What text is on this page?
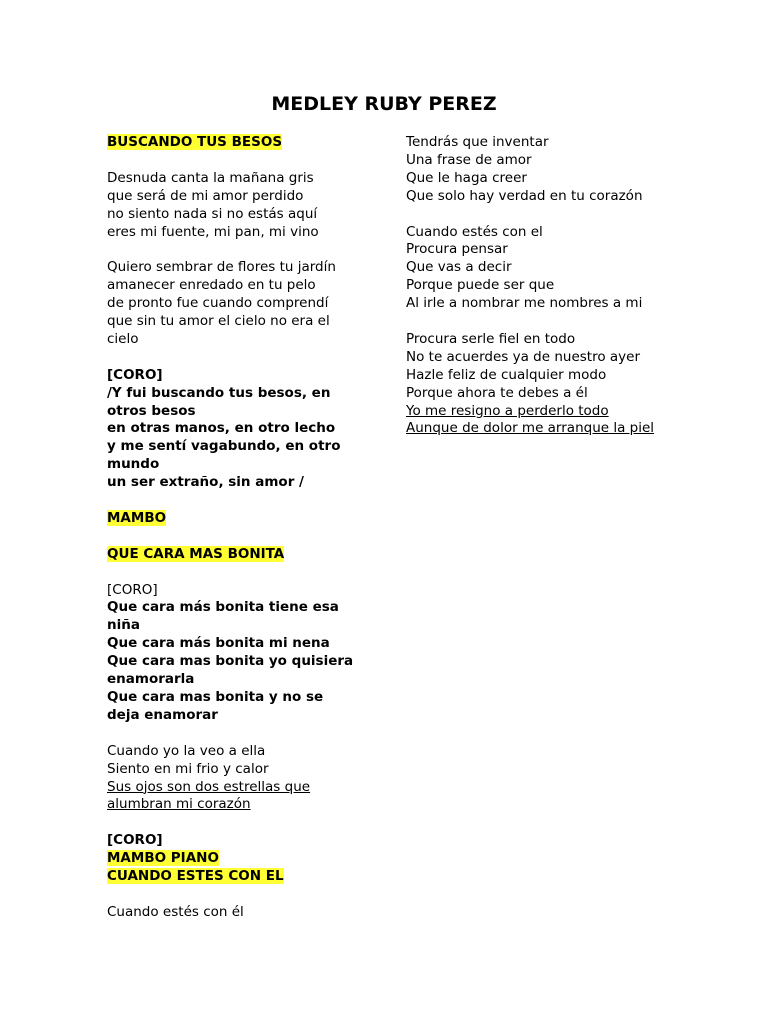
MEDLEY RUBY PEREZ
BUSCANDO TUS BESOS
Desnuda canta la mañana gris
que será de mi amor perdido
no siento nada si no estás aquí
eres mi fuente, mi pan, mi vino
Quiero sembrar de flores tu jardín
amanecer enredado en tu pelo
de pronto fue cuando comprendí
que sin tu amor el cielo no era el
cielo
[CORO]
/Y fui buscando tus besos, en
otros besos
en otras manos, en otro lecho
y me sentí vagabundo, en otro
mundo
un ser extraño, sin amor /
MAMBO
QUE CARA MAS BONITA
[CORO]
Que cara más bonita tiene esa
niña
Que cara más bonita mi nena
Que cara mas bonita yo quisiera
enamorarla
Que cara mas bonita y no se
deja enamorar
Cuando yo la veo a ella
Siento en mi frio y calor
Sus ojos son dos estrellas que
alumbran mi corazón
[CORO]
MAMBO PIANO
CUANDO ESTES CON EL
Cuando estés con él
Tendrás que inventar
Una frase de amor
Que le haga creer
Que solo hay verdad en tu corazón
Cuando estés con el
Procura pensar
Que vas a decir
Porque puede ser que
Al irle a nombrar me nombres a mi
Procura serle fiel en todo
No te acuerdes ya de nuestro ayer
Hazle feliz de cualquier modo
Porque ahora te debes a él
Yo me resigno a perderlo todo
Aunque de dolor me arranque la piel
